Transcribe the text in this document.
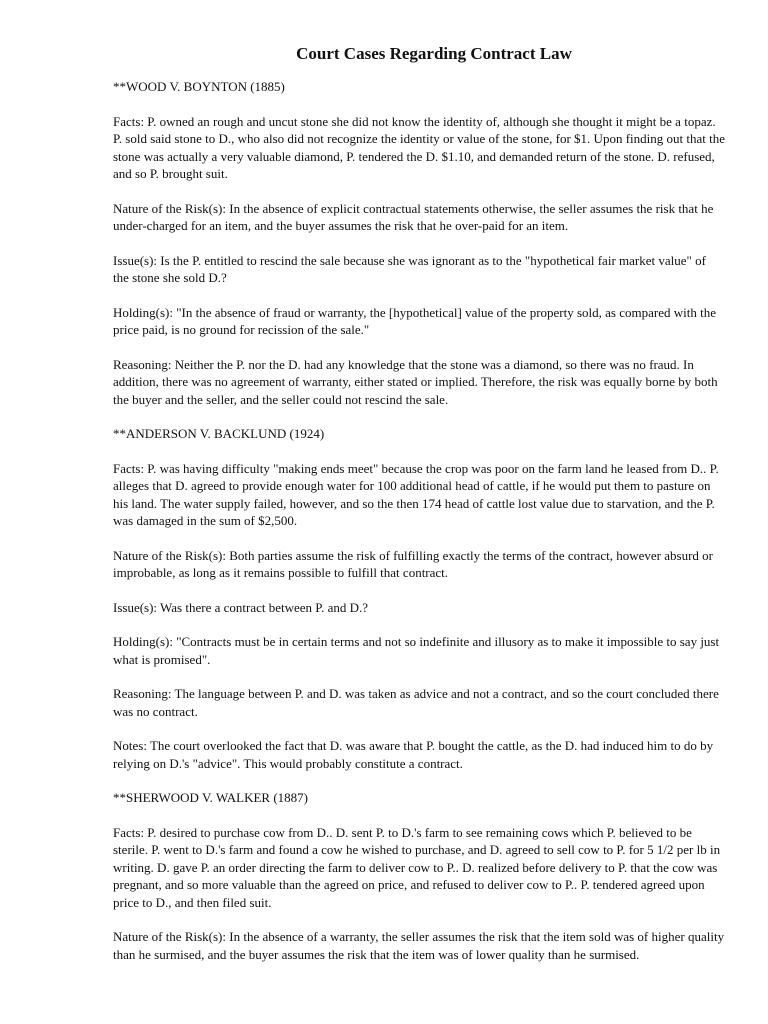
Court Cases Regarding Contract Law
**WOOD V. BOYNTON (1885)
Facts: P. owned an rough and uncut stone she did not know the identity of, although she thought it might be a topaz. P. sold said stone to D., who also did not recognize the identity or value of the stone, for $1. Upon finding out that the stone was actually a very valuable diamond, P. tendered the D. $1.10, and demanded return of the stone. D. refused, and so P. brought suit.
Nature of the Risk(s): In the absence of explicit contractual statements otherwise, the seller assumes the risk that he under-charged for an item, and the buyer assumes the risk that he over-paid for an item.
Issue(s): Is the P. entitled to rescind the sale because she was ignorant as to the "hypothetical fair market value" of the stone she sold D.?
Holding(s): "In the absence of fraud or warranty, the [hypothetical] value of the property sold, as compared with the price paid, is no ground for recission of the sale."
Reasoning: Neither the P. nor the D. had any knowledge that the stone was a diamond, so there was no fraud. In addition, there was no agreement of warranty, either stated or implied. Therefore, the risk was equally borne by both the buyer and the seller, and the seller could not rescind the sale.
**ANDERSON V. BACKLUND (1924)
Facts: P. was having difficulty "making ends meet" because the crop was poor on the farm land he leased from D.. P. alleges that D. agreed to provide enough water for 100 additional head of cattle, if he would put them to pasture on his land. The water supply failed, however, and so the then 174 head of cattle lost value due to starvation, and the P. was damaged in the sum of $2,500.
Nature of the Risk(s): Both parties assume the risk of fulfilling exactly the terms of the contract, however absurd or improbable, as long as it remains possible to fulfill that contract.
Issue(s): Was there a contract between P. and D.?
Holding(s): "Contracts must be in certain terms and not so indefinite and illusory as to make it impossible to say just what is promised".
Reasoning: The language between P. and D. was taken as advice and not a contract, and so the court concluded there was no contract.
Notes: The court overlooked the fact that D. was aware that P. bought the cattle, as the D. had induced him to do by relying on D.'s "advice". This would probably constitute a contract.
**SHERWOOD V. WALKER (1887)
Facts: P. desired to purchase cow from D.. D. sent P. to D.'s farm to see remaining cows which P. believed to be sterile. P. went to D.'s farm and found a cow he wished to purchase, and D. agreed to sell cow to P. for 5 1/2 per lb in writing. D. gave P. an order directing the farm to deliver cow to P.. D. realized before delivery to P. that the cow was pregnant, and so more valuable than the agreed on price, and refused to deliver cow to P.. P. tendered agreed upon price to D., and then filed suit.
Nature of the Risk(s): In the absence of a warranty, the seller assumes the risk that the item sold was of higher quality than he surmised, and the buyer assumes the risk that the item was of lower quality than he surmised.
